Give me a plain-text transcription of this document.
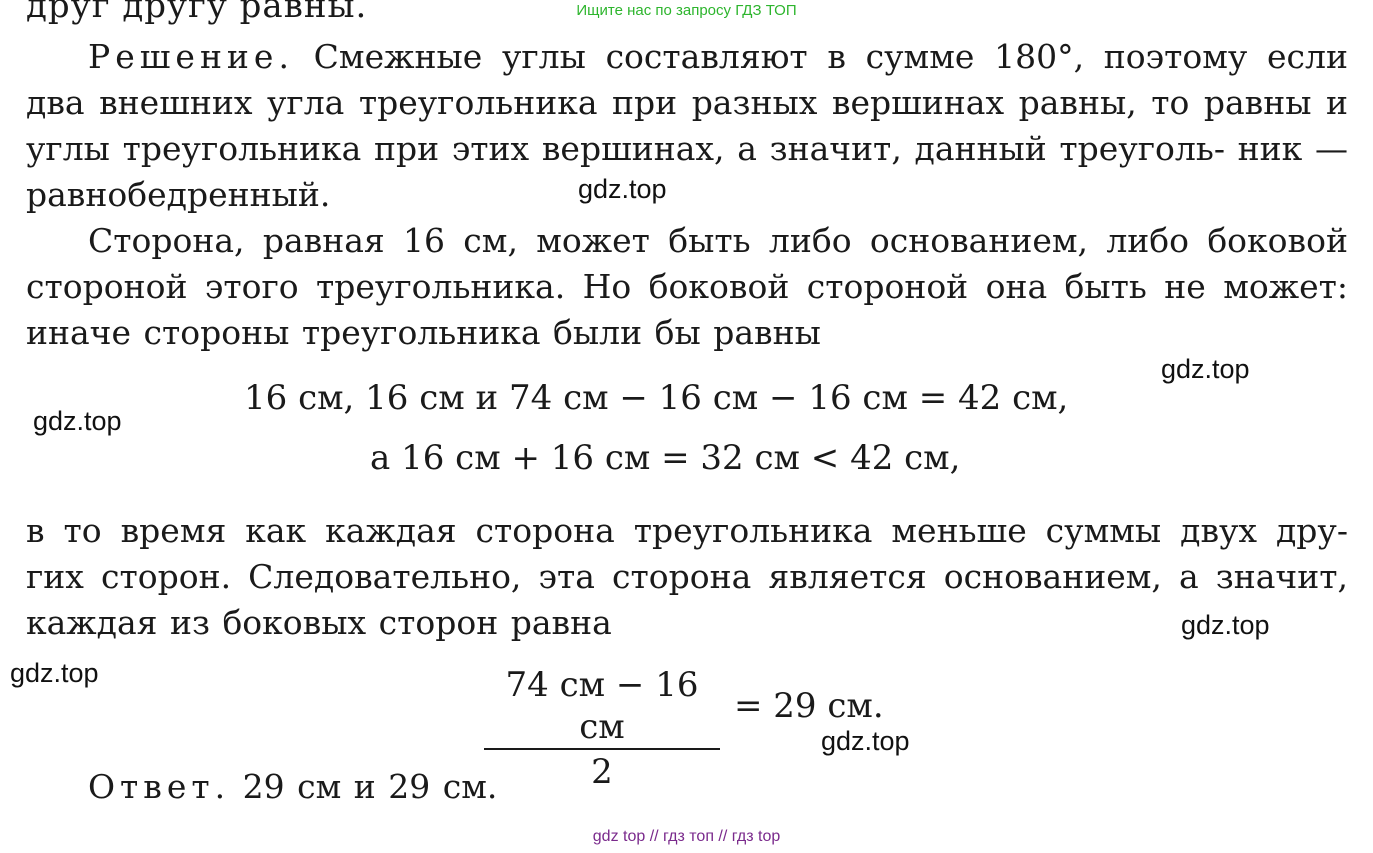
Ищите нас по запросу ГДЗ ТОП
друг другу равны.
Решение. Смежные углы составляют в сумме 180°, поэтому если два внешних угла треугольника при разных вершинах равны, то равны и углы треугольника при этих вершинах, а значит, данный треуголь- ник — равнобедренный.
Сторона, равная 16 см, может быть либо основанием, либо боковой стороной этого треугольника. Но боковой стороной она быть не может: иначе стороны треугольника были бы равны
16 см, 16 см и 74 см − 16 см − 16 см = 42 см,
а 16 см + 16 см = 32 см < 42 см,
в то время как каждая сторона треугольника меньше суммы двух дру- гих сторон. Следовательно, эта сторона является основанием, а значит, каждая из боковых сторон равна
74 см − 16 см
2
= 29 см.
Ответ. 29 см и 29 см.
gdz.top
gdz.top
gdz.top
gdz.top
gdz.top
gdz.top
gdz top // гдз топ // гдз top
